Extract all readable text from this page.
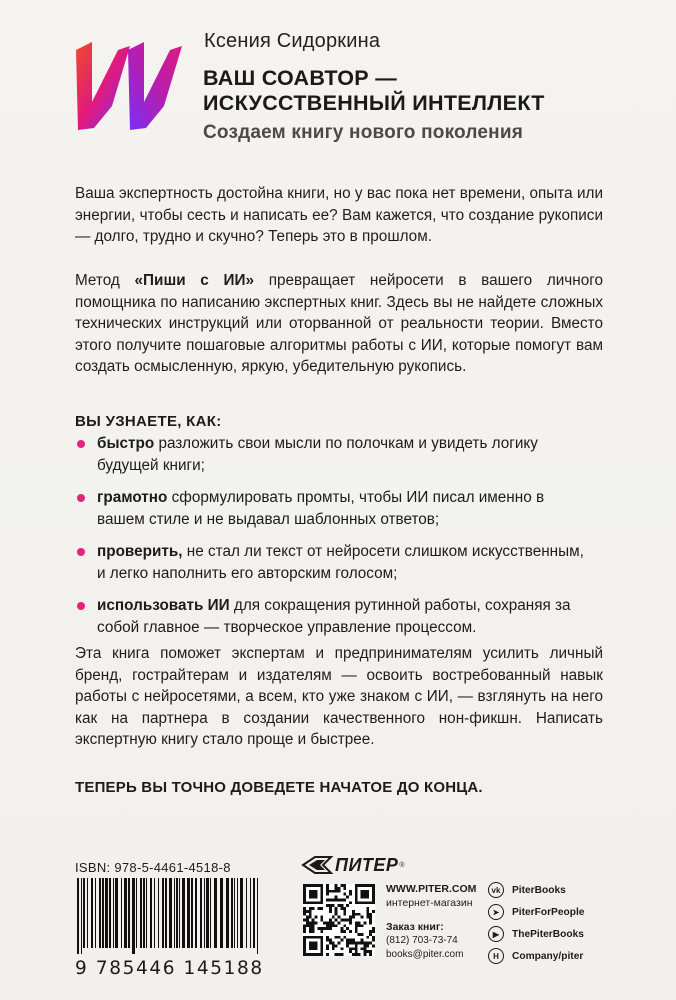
Ксения Сидоркина
ВАШ СОАВТОР —
ИСКУССТВЕННЫЙ ИНТЕЛЛЕКТ
Создаем книгу нового поколения
Ваша экспертность достойна книги, но у вас пока нет времени, опыта или энергии, чтобы сесть и написать ее? Вам кажется, что создание рукописи — долго, трудно и скучно? Теперь это в прошлом.
Метод «Пиши с ИИ» превращает нейросети в вашего личного помощника по написанию экспертных книг. Здесь вы не найдете сложных технических инструкций или оторванной от реальности теории. Вместо этого получите пошаговые алгоритмы работы с ИИ, которые помогут вам создать осмысленную, яркую, убедительную рукопись.
ВЫ УЗНАЕТЕ, КАК:
быстро разложить свои мысли по полочкам и увидеть логику будущей книги;
грамотно сформулировать промты, чтобы ИИ писал именно в вашем стиле и не выдавал шаблонных ответов;
проверить, не стал ли текст от нейросети слишком искусственным, и легко наполнить его авторским голосом;
использовать ИИ для сокращения рутинной работы, сохраняя за собой главное — творческое управление процессом.
Эта книга поможет экспертам и предпринимателям усилить личный бренд, гострайтерам и издателям — освоить востребованный навык работы с нейросетями, а всем, кто уже знаком с ИИ, — взглянуть на него как на партнера в создании качественного нон-фикшн. Написать экспертную книгу стало проще и быстрее.
ТЕПЕРЬ ВЫ ТОЧНО ДОВЕДЕТЕ НАЧАТОЕ ДО КОНЦА.
ISBN: 978-5-4461-4518-8
9 785446 145188
ПИТЕР ®
WWW.PITER.COM
интернет-магазин
Заказ книг:
(812) 703-73-74
books@piter.com
vk	PiterBooks
➤	PiterForPeople
▶	ThePiterBooks
H	Company/piter
